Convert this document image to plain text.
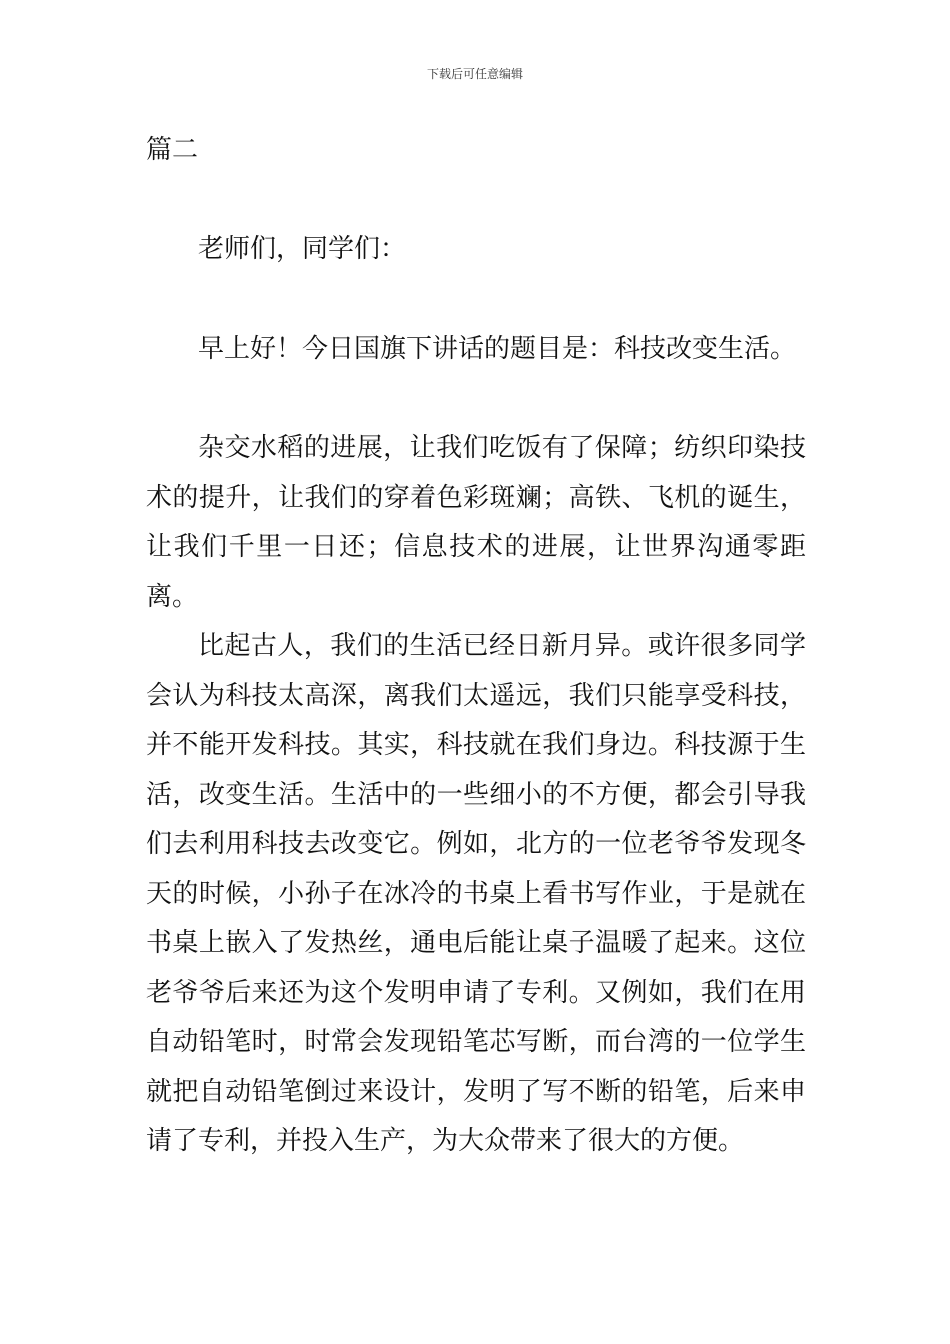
下载后可任意编辑
篇二

老师们，同学们：

早上好！今日国旗下讲话的题目是：科技改变生活。

杂交水稻的进展，让我们吃饭有了保障；纺织印染技术的提升，让我们的穿着色彩斑斓；高铁、飞机的诞生，让我们千里一日还；信息技术的进展，让世界沟通零距离。

比起古人，我们的生活已经日新月异。或许很多同学会认为科技太高深，离我们太遥远，我们只能享受科技，并不能开发科技。其实，科技就在我们身边。科技源于生活，改变生活。生活中的一些细小的不方便，都会引导我们去利用科技去改变它。例如，北方的一位老爷爷发现冬天的时候，小孙子在冰冷的书桌上看书写作业，于是就在书桌上嵌入了发热丝，通电后能让桌子温暖了起来。这位老爷爷后来还为这个发明申请了专利。又例如，我们在用自动铅笔时，时常会发现铅笔芯写断，而台湾的一位学生就把自动铅笔倒过来设计，发明了写不断的铅笔，后来申请了专利，并投入生产，为大众带来了很大的方便。
